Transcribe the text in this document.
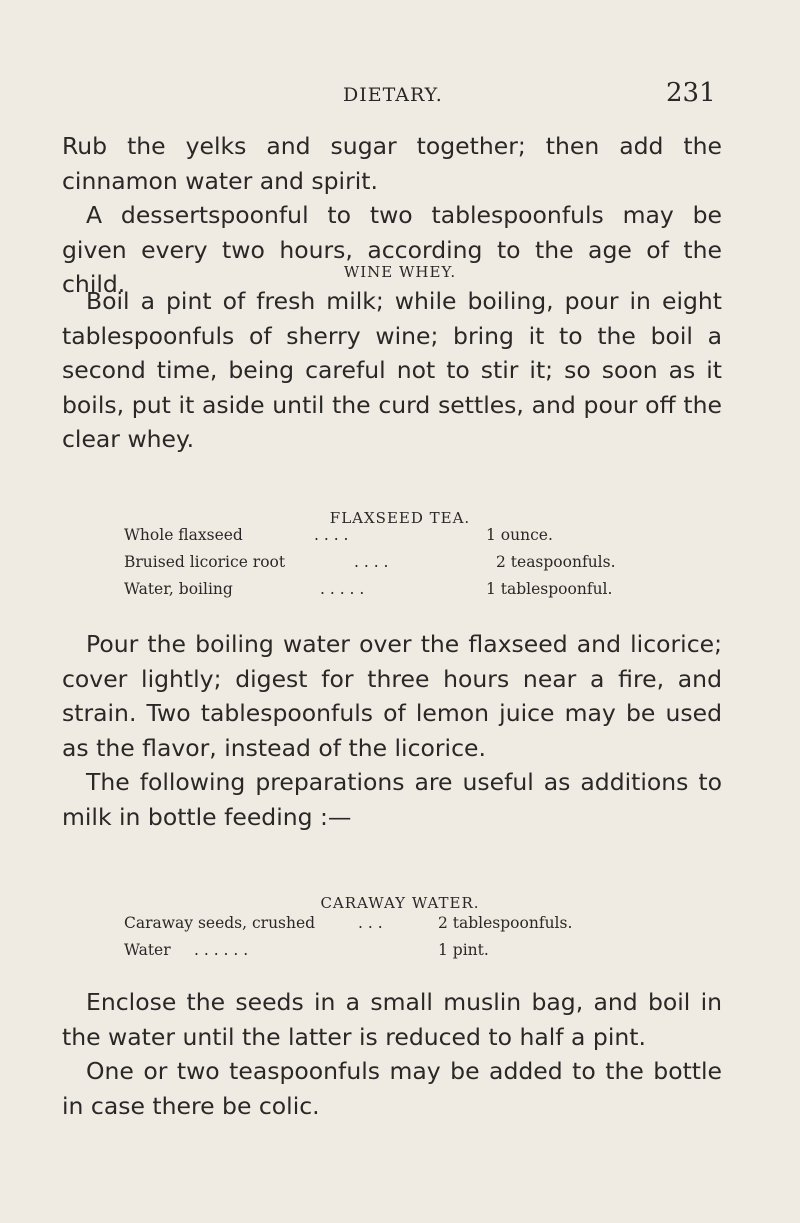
DIETARY.	231

Rub the yelks and sugar together; then add the cinnamon water and spirit.

A dessertspoonful to two tablespoonfuls may be given every two hours, according to the age of the child.	WINE WHEY.

Boil a pint of fresh milk; while boiling, pour in eight tablespoonfuls of sherry wine; bring it to the boil a second time, being careful not to stir it; so soon as it boils, put it aside until the curd settles, and pour off the clear whey.

FLAXSEED TEA.
Whole flaxseed	. . . .	1 ounce.
Bruised licorice root	. . . .	2 teaspoonfuls.
Water, boiling	. . . . .	1 tablespoonful.

Pour the boiling water over the flaxseed and licorice; cover lightly; digest for three hours near a fire, and strain. Two tablespoonfuls of lemon juice may be used as the flavor, instead of the licorice.

The following preparations are useful as additions to milk in bottle feeding :—

CARAWAY WATER.
Caraway seeds, crushed	. . .	2 tablespoonfuls.
Water . . . . . .	1 pint.

Enclose the seeds in a small muslin bag, and boil in the water until the latter is reduced to half a pint.

One or two teaspoonfuls may be added to the bottle in case there be colic.
